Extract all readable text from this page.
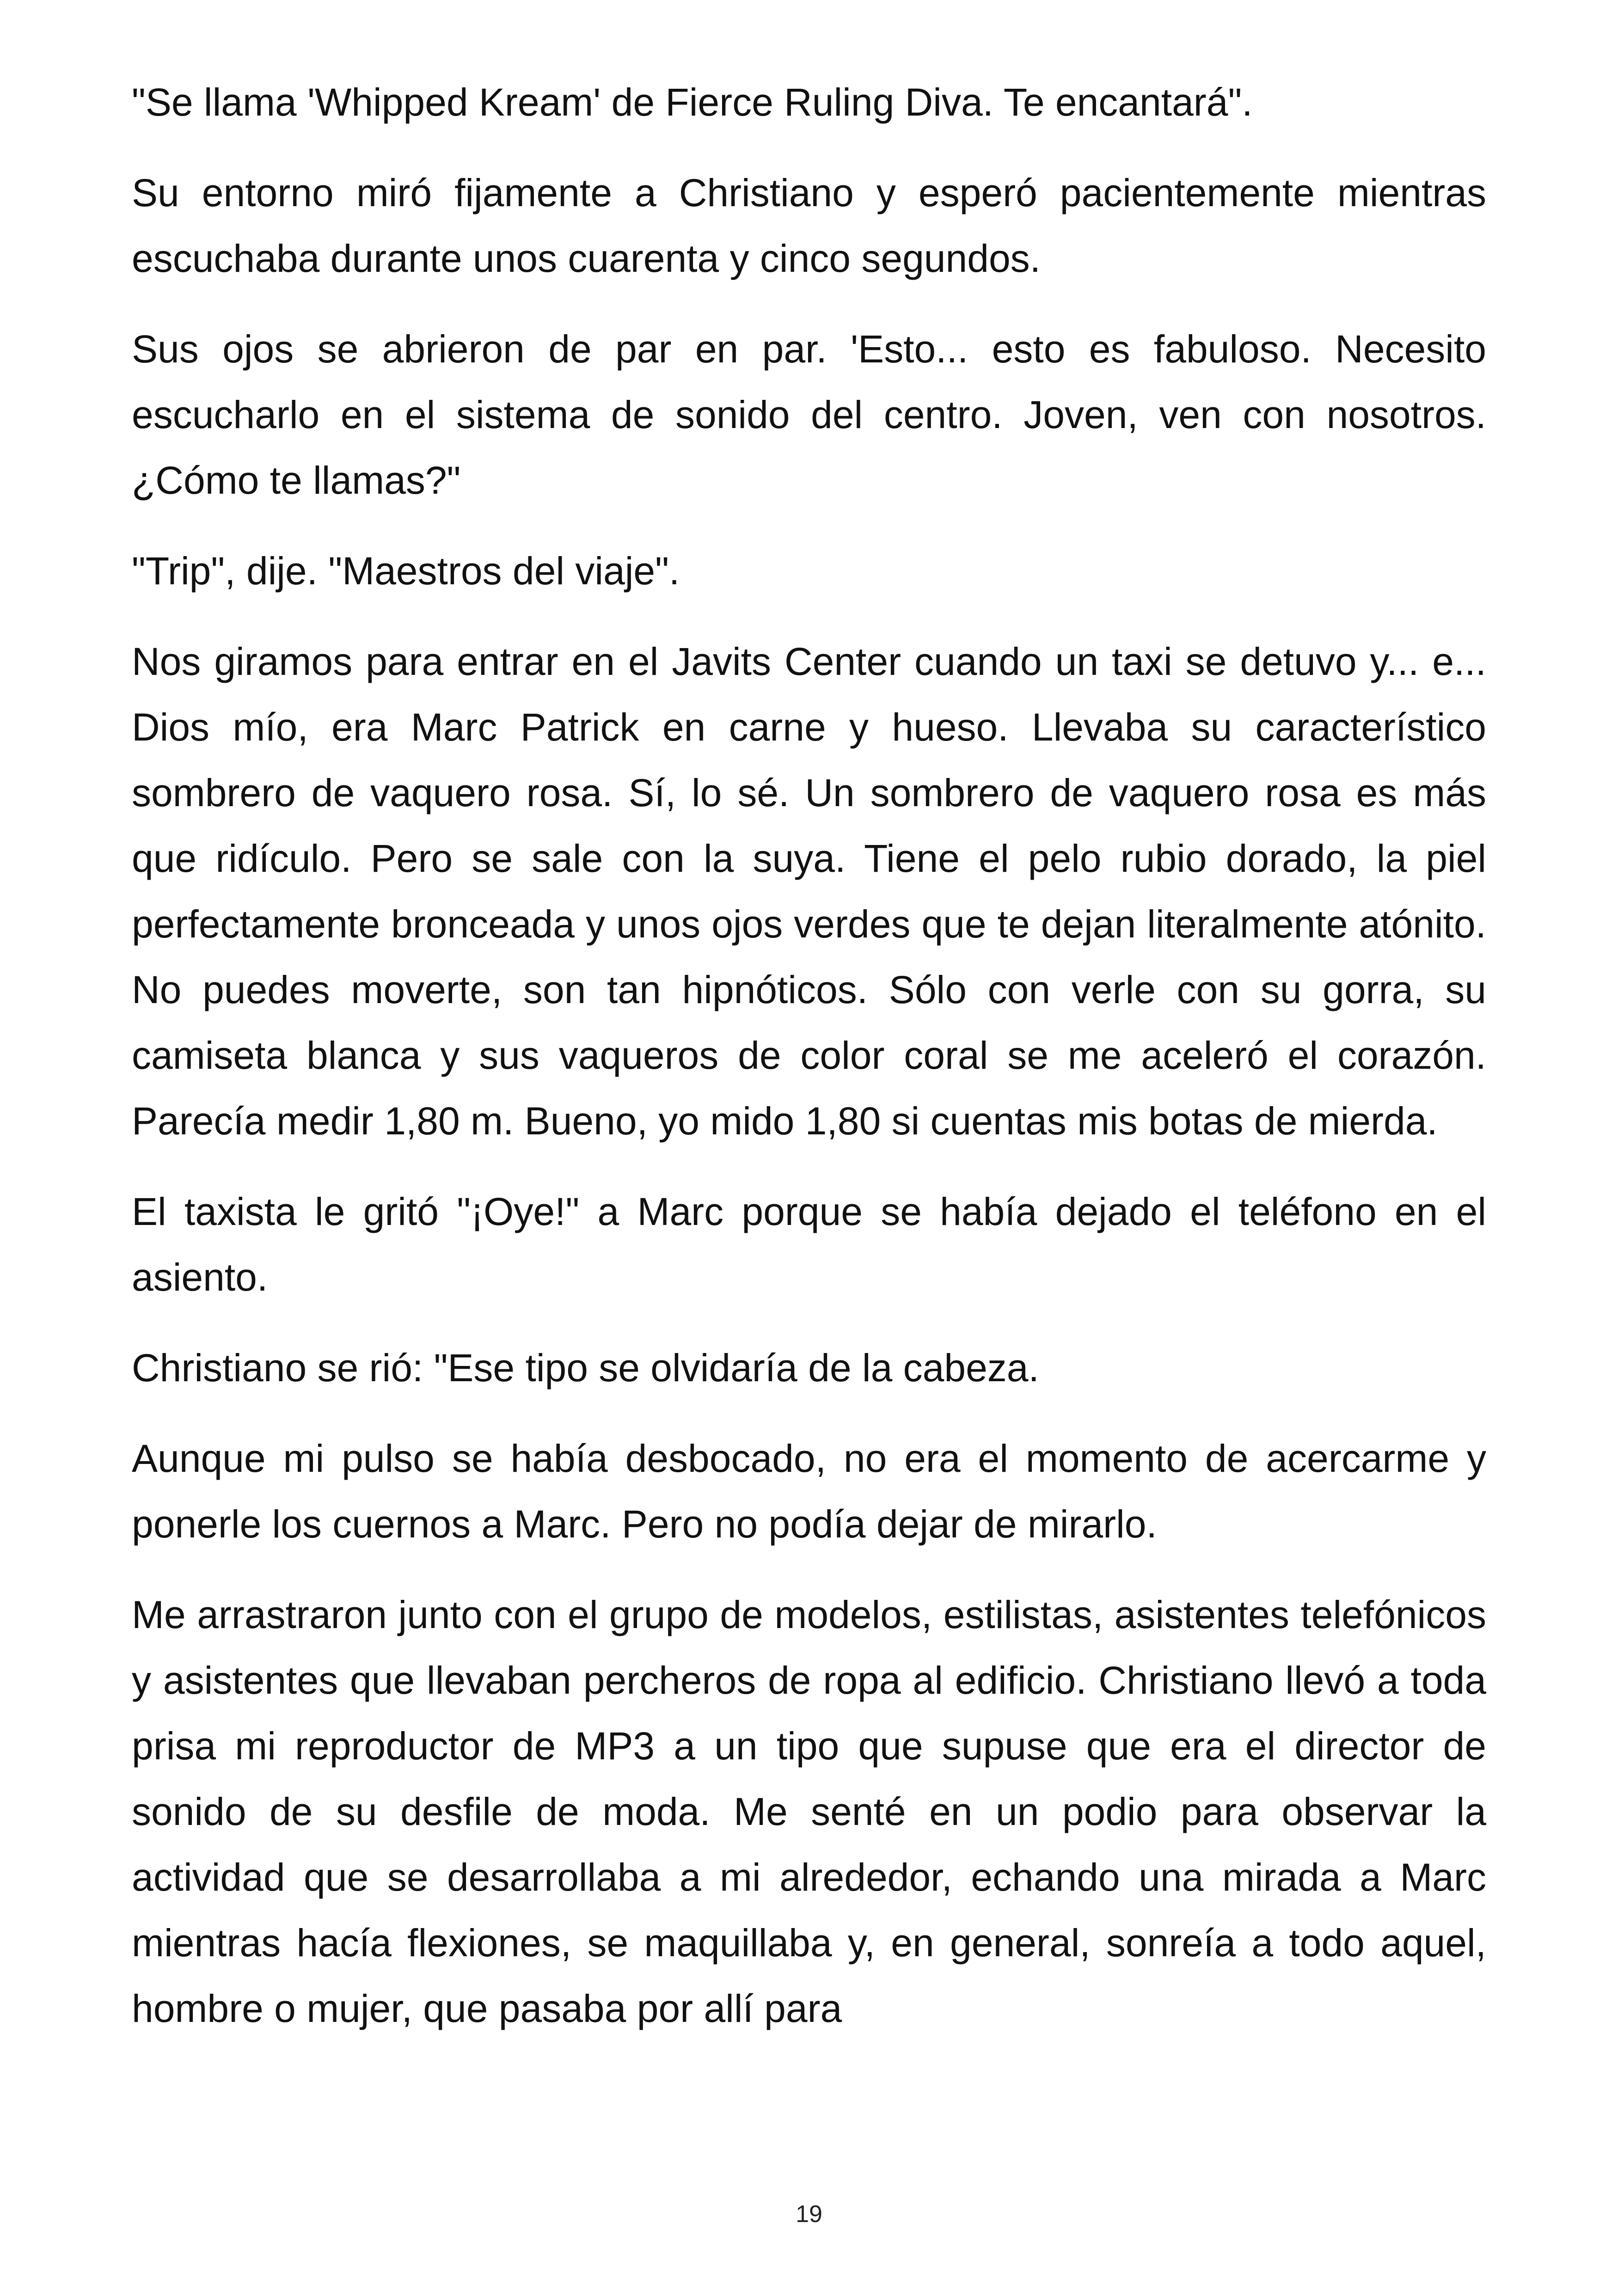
"Se llama 'Whipped Kream' de Fierce Ruling Diva. Te encantará".

Su entorno miró fijamente a Christiano y esperó pacientemente mientras escuchaba durante unos cuarenta y cinco segundos.

Sus ojos se abrieron de par en par. 'Esto... esto es fabuloso. Necesito escucharlo en el sistema de sonido del centro. Joven, ven con nosotros. ¿Cómo te llamas?"

"Trip", dije. "Maestros del viaje".

Nos giramos para entrar en el Javits Center cuando un taxi se detuvo y... e... Dios mío, era Marc Patrick en carne y hueso. Llevaba su característico sombrero de vaquero rosa. Sí, lo sé. Un sombrero de vaquero rosa es más que ridículo. Pero se sale con la suya. Tiene el pelo rubio dorado, la piel perfectamente bronceada y unos ojos verdes que te dejan literalmente atónito. No puedes moverte, son tan hipnóticos. Sólo con verle con su gorra, su camiseta blanca y sus vaqueros de color coral se me aceleró el corazón. Parecía medir 1,80 m. Bueno, yo mido 1,80 si cuentas mis botas de mierda.

El taxista le gritó "¡Oye!" a Marc porque se había dejado el teléfono en el asiento.

Christiano se rió: "Ese tipo se olvidaría de la cabeza.

Aunque mi pulso se había desbocado, no era el momento de acercarme y ponerle los cuernos a Marc. Pero no podía dejar de mirarlo.

Me arrastraron junto con el grupo de modelos, estilistas, asistentes telefónicos y asistentes que llevaban percheros de ropa al edificio. Christiano llevó a toda prisa mi reproductor de MP3 a un tipo que supuse que era el director de sonido de su desfile de moda. Me senté en un podio para observar la actividad que se desarrollaba a mi alrededor, echando una mirada a Marc mientras hacía flexiones, se maquillaba y, en general, sonreía a todo aquel, hombre o mujer, que pasaba por allí para

19
